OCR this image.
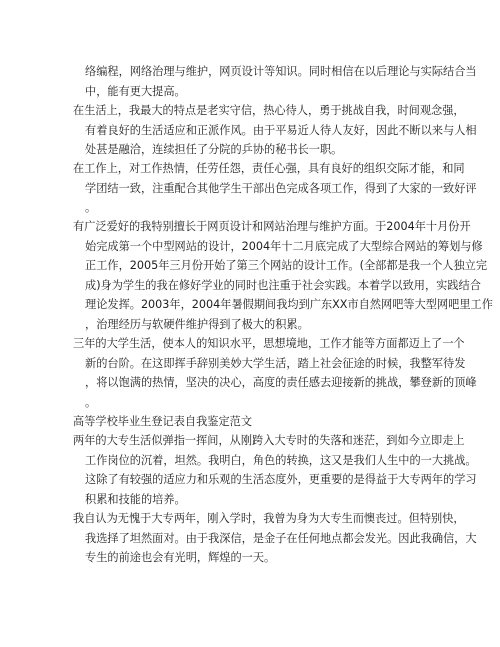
络编程，网络治理与维护，网页设计等知识。同时相信在以后理论与实际结合当
中，能有更大提高。
在生活上，我最大的特点是老实守信，热心待人，勇于挑战自我，时间观念强，
有着良好的生活适应和正派作风。由于平易近人待人友好，因此不断以来与人相
处甚是融洽，连续担任了分院的乒协的秘书长一职。
在工作上，对工作热情，任劳任怨，责任心强，具有良好的组织交际才能，和同
学团结一致，注重配合其他学生干部出色完成各项工作，得到了大家的一致好评
。
有广泛爱好的我特别擅长于网页设计和网站治理与维护方面。于2004年十月份开
始完成第一个中型网站的设计，2004年十二月底完成了大型综合网站的筹划与修
正工作，2005年三月份开始了第三个网站的设计工作。(全部都是我一个人独立完
成)身为学生的我在修好学业的同时也注重于社会实践。本着学以致用，实践结合
理论发挥。2003年，2004年暑假期间我均到广东XX市自然网吧等大型网吧里工作
，治理经历与软硬件维护得到了极大的积累。
三年的大学生活，使本人的知识水平，思想境地，工作才能等方面都迈上了一个
新的台阶。在这即挥手辞别美妙大学生活，踏上社会征途的时候，我整军待发
，将以饱满的热情，坚决的决心，高度的责任感去迎接新的挑战，攀登新的顶峰
。
高等学校毕业生登记表自我鉴定范文
两年的大专生活似弹指一挥间，从刚跨入大专时的失落和迷茫，到如今立即走上
工作岗位的沉着，坦然。我明白，角色的转换，这又是我们人生中的一大挑战。
这除了有较强的适应力和乐观的生活态度外，更重要的是得益于大专两年的学习
积累和技能的培养。
我自认为无愧于大专两年，刚入学时，我曾为身为大专生而懊丧过。但特别快，
我选择了坦然面对。由于我深信，是金子在任何地点都会发光。因此我确信，大
专生的前途也会有光明，辉煌的一天。
